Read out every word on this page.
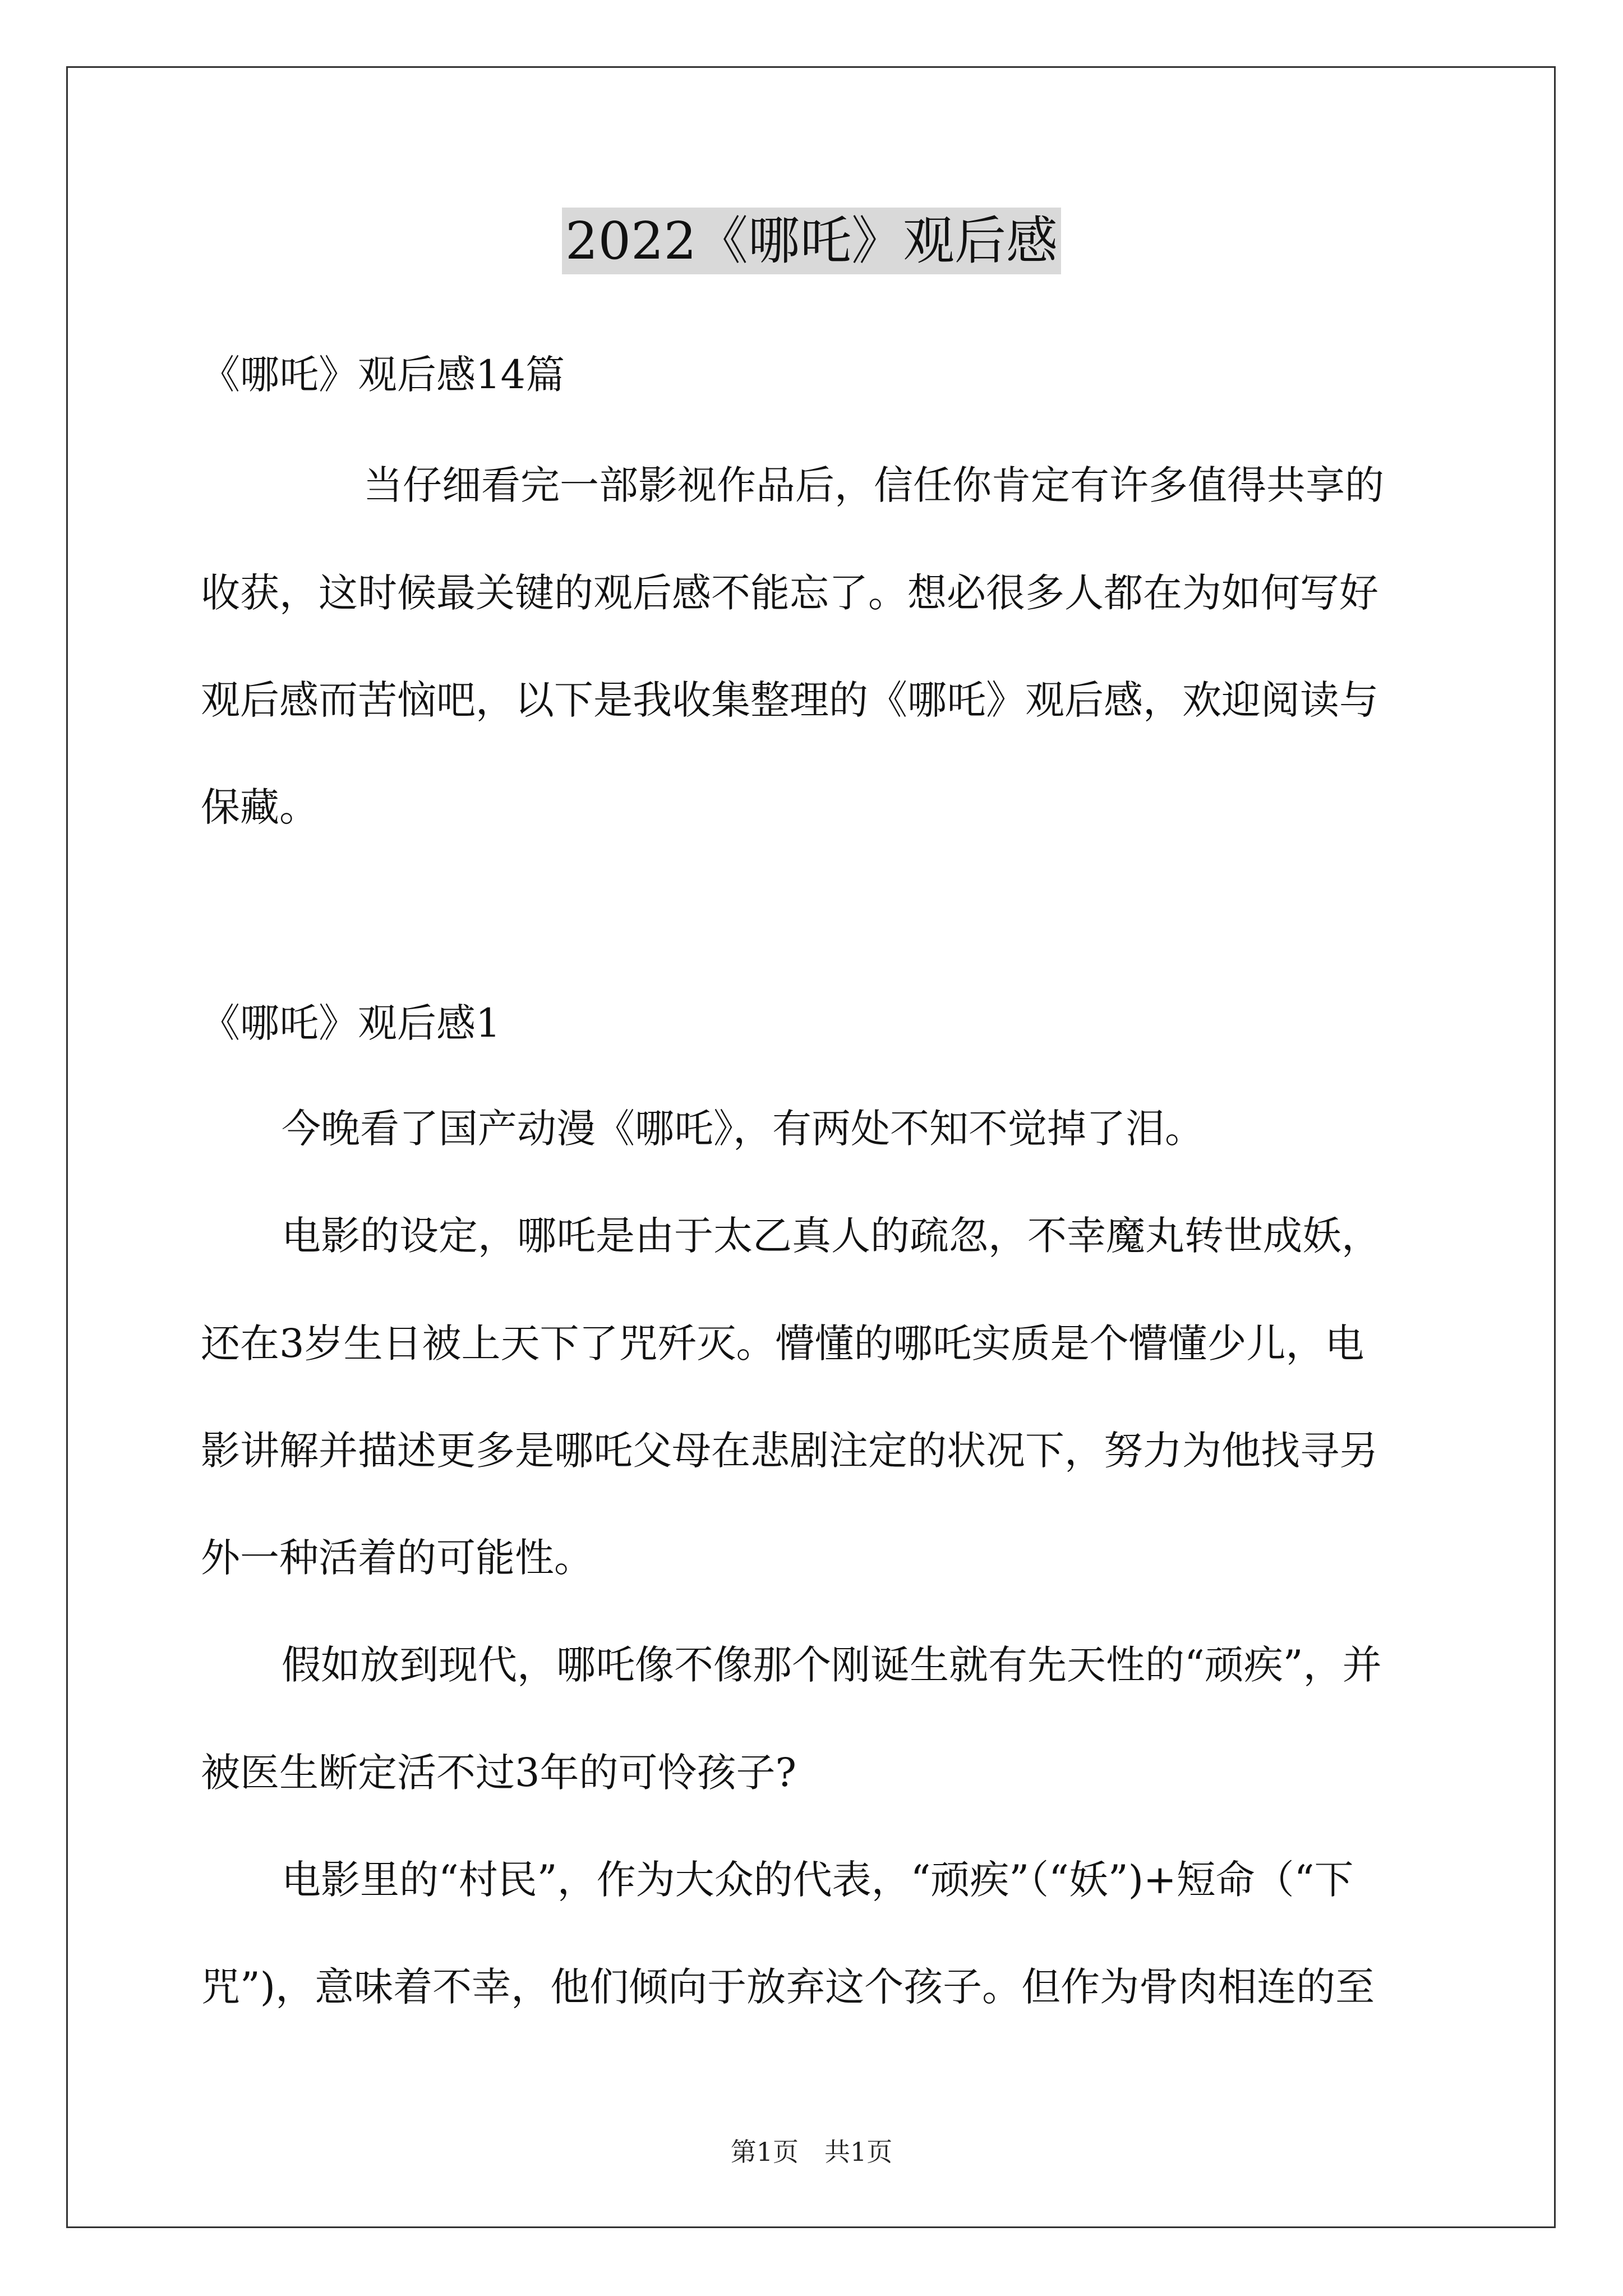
2022《哪吒》观后感

《哪吒》观后感14篇

当仔细看完一部影视作品后，信任你肯定有许多值得共享的

收获，这时候最关键的观后感不能忘了。想必很多人都在为如何写好

观后感而苦恼吧，以下是我收集整理的《哪吒》观后感，欢迎阅读与

保藏。

《哪吒》观后感1

今晚看了国产动漫《哪吒》，有两处不知不觉掉了泪。

电影的设定，哪吒是由于太乙真人的疏忽，不幸魔丸转世成妖，

还在3岁生日被上天下了咒歼灭。懵懂的哪吒实质是个懵懂少儿，电

影讲解并描述更多是哪吒父母在悲剧注定的状况下，努力为他找寻另

外一种活着的可能性。

假如放到现代，哪吒像不像那个刚诞生就有先天性的“顽疾”，并

被医生断定活不过3年的可怜孩子?

电影里的“村民”，作为大众的代表，“顽疾”（“妖”)+短命（“下

咒”)，意味着不幸，他们倾向于放弃这个孩子。但作为骨肉相连的至

第1页　共1页
